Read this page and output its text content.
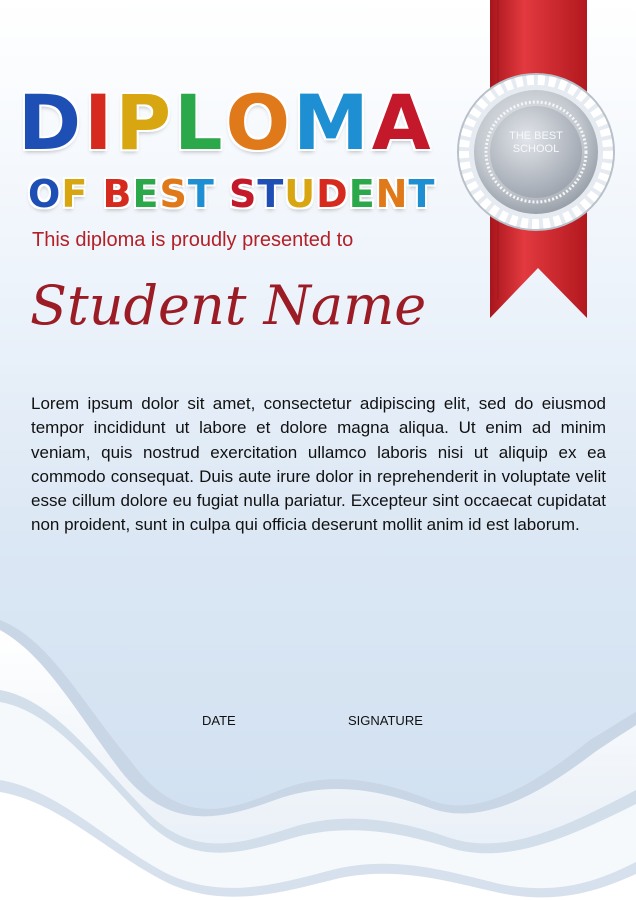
THE BEST
SCHOOL
D I P L O M A
O F
B E S T
S T U D E N T
This diploma is proudly presented to
Student Name

Lorem ipsum dolor sit amet, consectetur adipiscing elit, sed do eiusmod tempor incididunt ut labore et dolore magna aliqua. Ut enim ad minim veniam, quis nostrud exercitation ullamco laboris nisi ut aliquip ex ea commodo consequat. Duis aute irure dolor in reprehenderit in voluptate velit esse cillum dolore eu fugiat nulla pariatur. Excepteur sint occaecat cupidatat non proident, sunt in culpa qui officia deserunt mollit anim id est laborum.

DATE	SIGNATURE
